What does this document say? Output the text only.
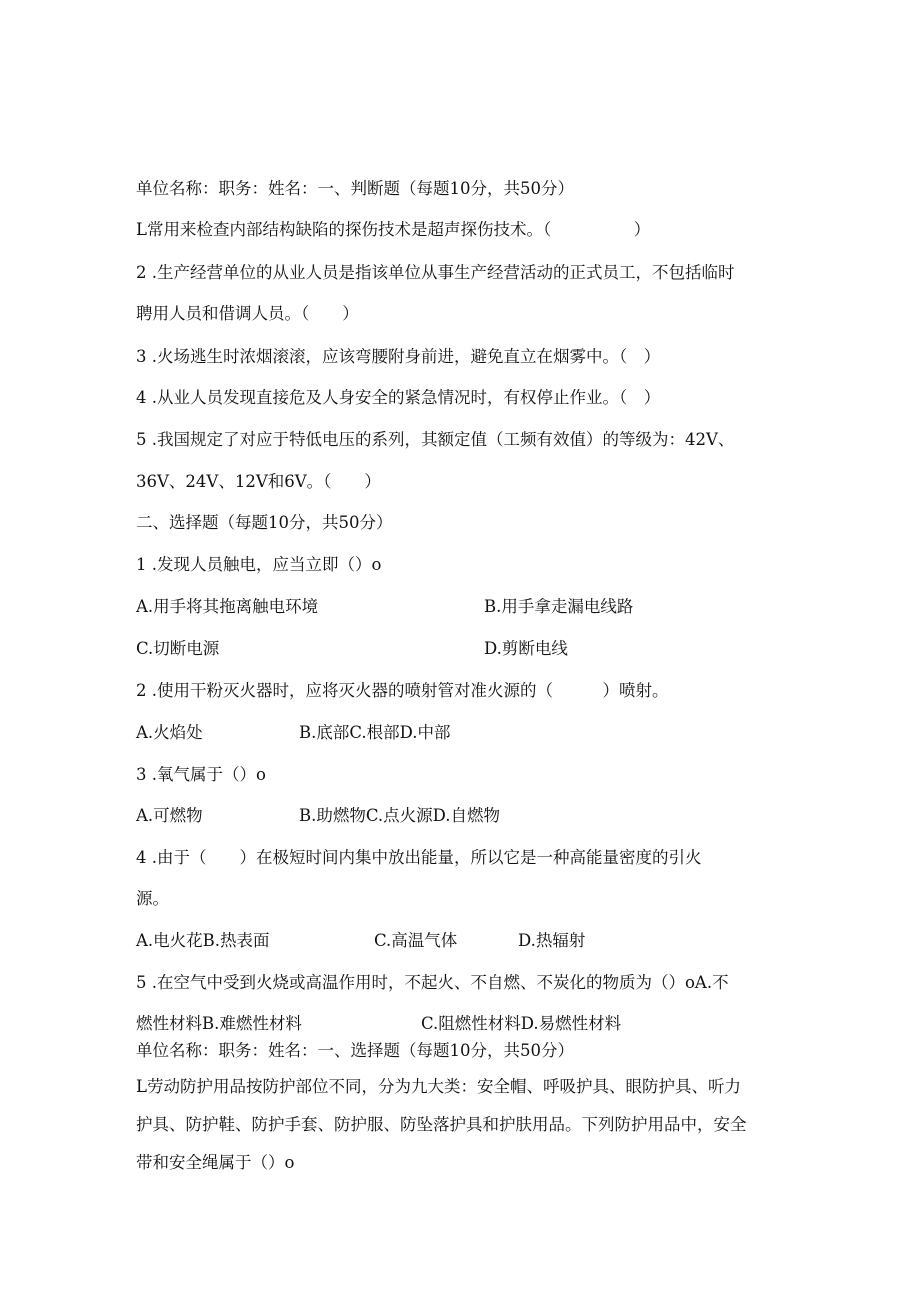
单位名称：职务：姓名：一、判断题（每题10分，共50分）
L常用来检查内部结构缺陷的探伤技术是超声探伤技术。（　　　　　）
2 .生产经营单位的从业人员是指该单位从事生产经营活动的正式员工，不包括临时
聘用人员和借调人员。（　　）
3 .火场逃生时浓烟滚滚，应该弯腰附身前进，避免直立在烟雾中。（　）
4 .从业人员发现直接危及人身安全的紧急情况时，有权停止作业。（　）
5 .我国规定了对应于特低电压的系列，其额定值（工频有效值）的等级为：42V、
36V、24V、12V和6V。（　　）
二、选择题（每题10分，共50分）
1 .发现人员触电，应当立即（）o
A.用手将其拖离触电环境	B.用手拿走漏电线路
C.切断电源	D.剪断电线
2 .使用干粉灭火器时，应将灭火器的喷射管对准火源的（　　　）喷射。
A.火焰处	B.底部C.根部D.中部
3 .氧气属于（）o
A.可燃物	B.助燃物C.点火源D.自燃物
4 .由于（　　）在极短时间内集中放出能量，所以它是一种高能量密度的引火
源。
A.电火花B.热表面	C.高温气体	D.热辐射
5 .在空气中受到火烧或高温作用时，不起火、不自燃、不炭化的物质为（）oA.不
燃性材料B.难燃性材料	C.阻燃性材料D.易燃性材料
单位名称：职务：姓名：一、选择题（每题10分，共50分）
L劳动防护用品按防护部位不同，分为九大类：安全帽、呼吸护具、眼防护具、听力
护具、防护鞋、防护手套、防护服、防坠落护具和护肤用品。下列防护用品中，安全
带和安全绳属于（）o
